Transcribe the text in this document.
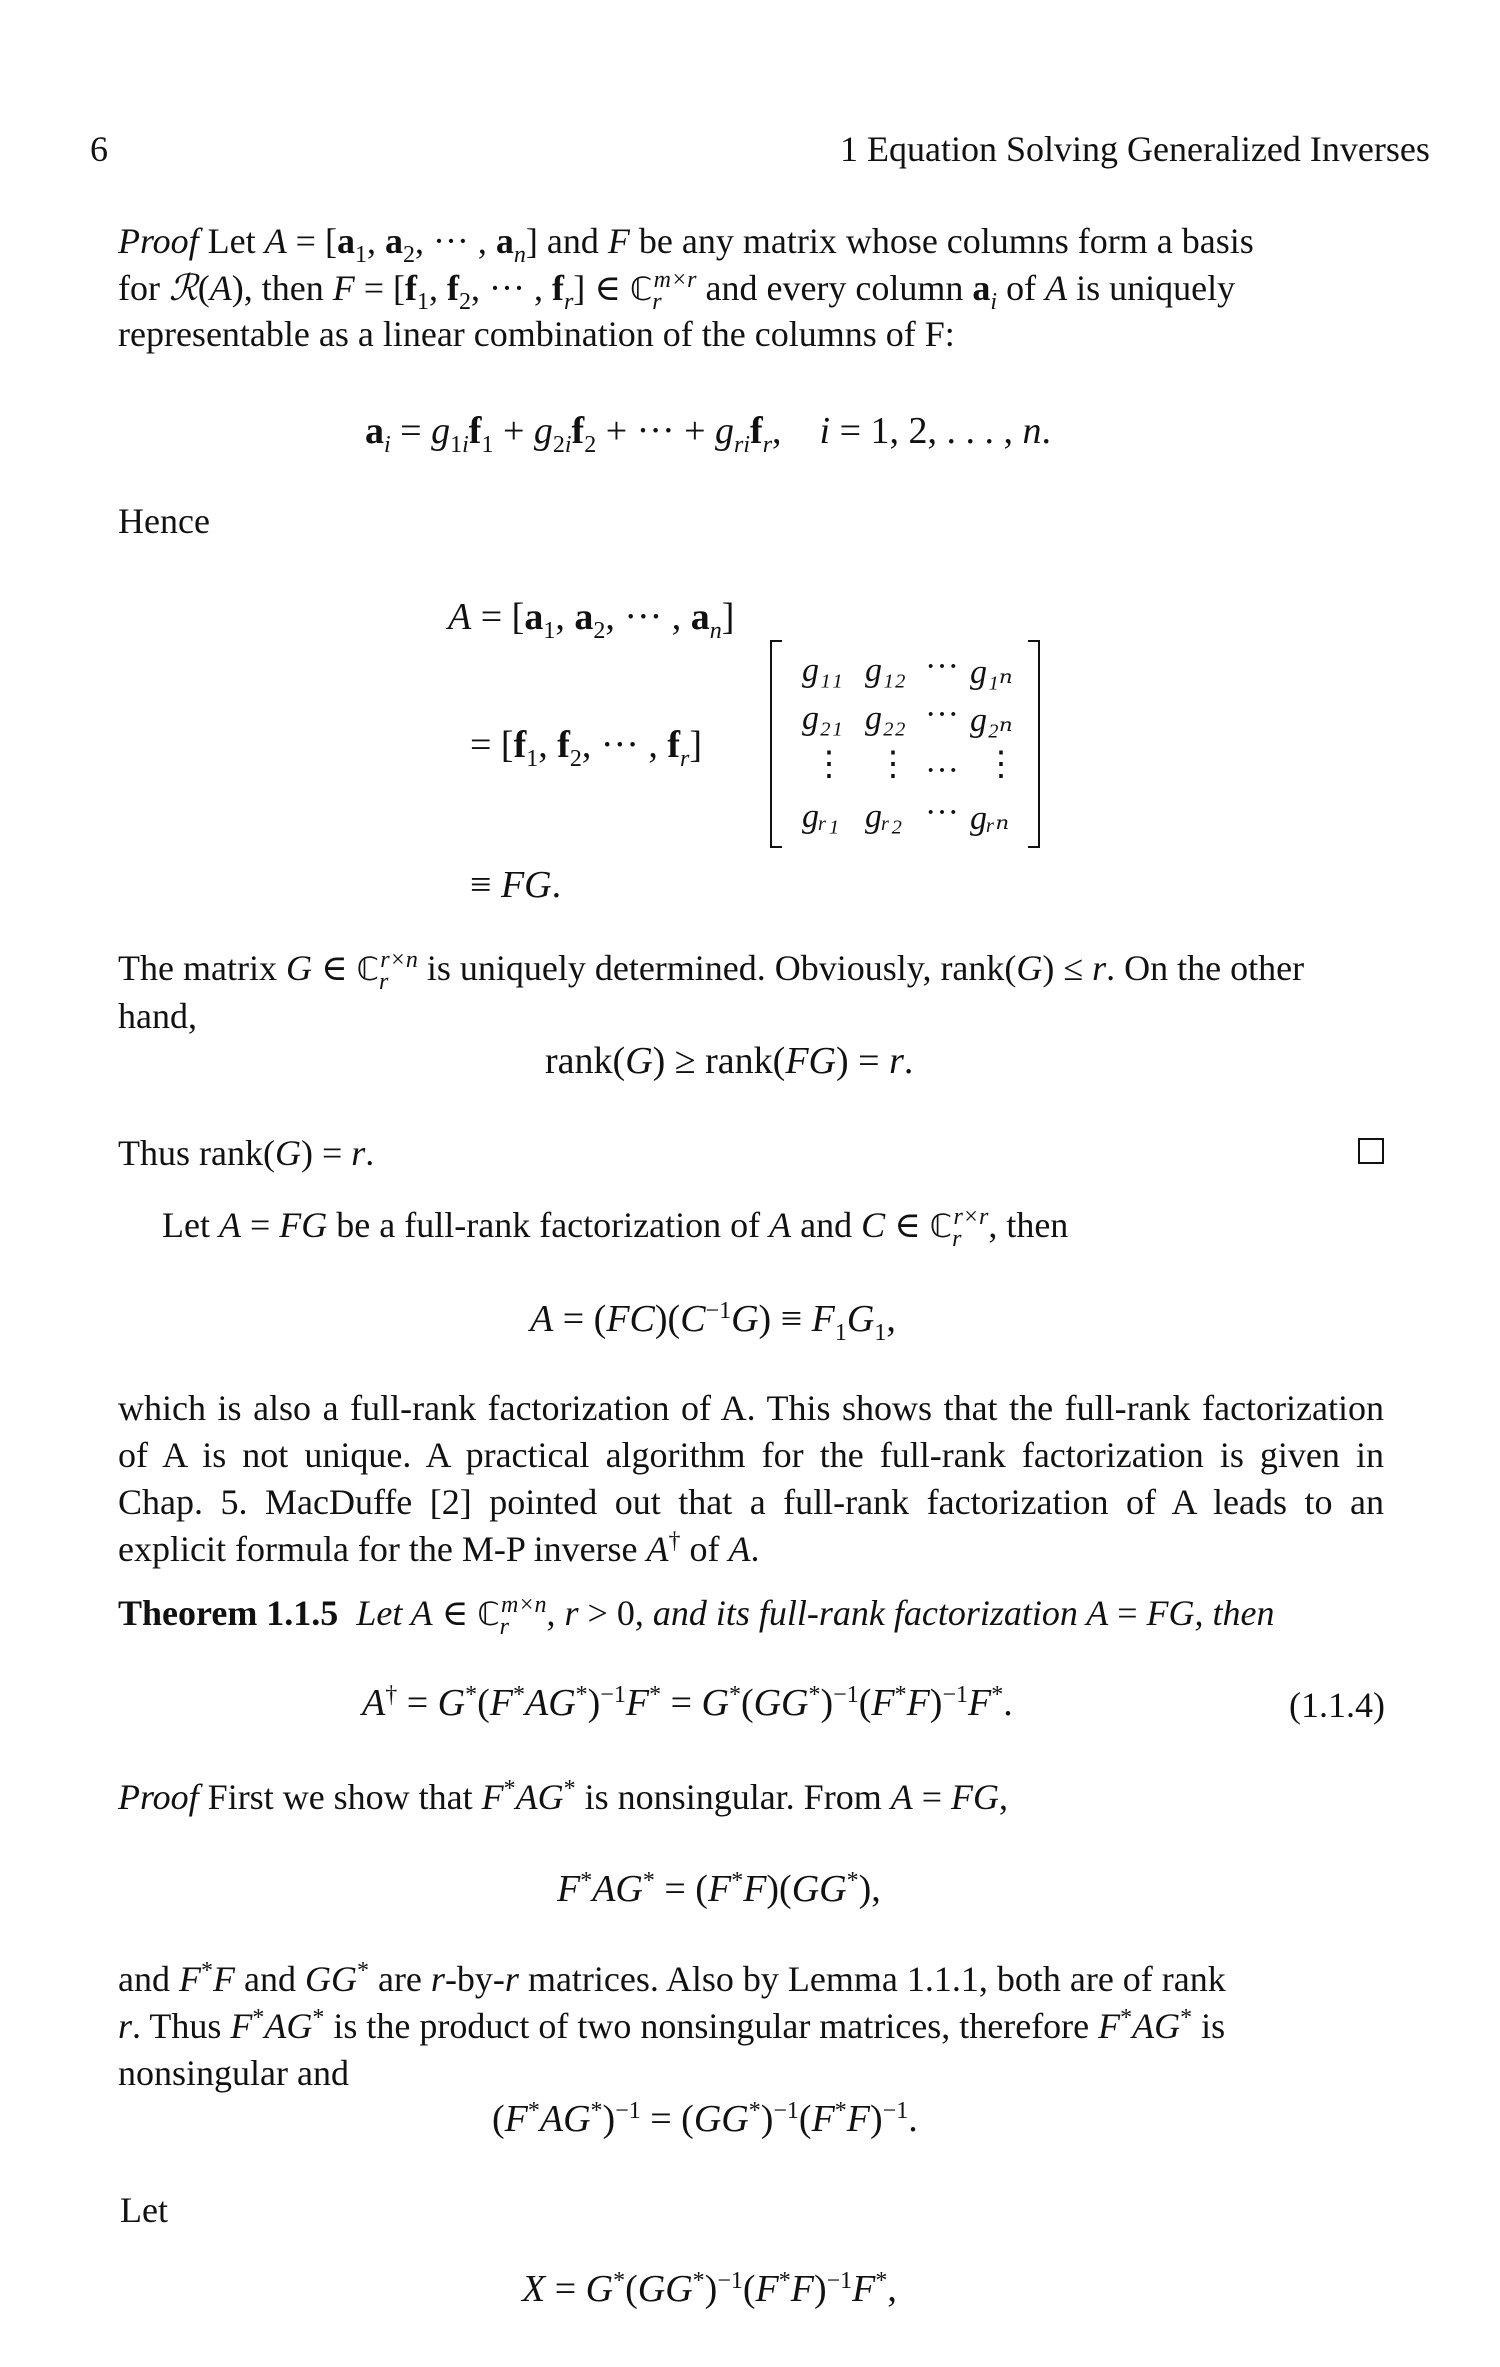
6	1 Equation Solving Generalized Inverses
Proof Let $A = [a_1$, $a_2$, ··· , $a_n$] and F be any matrix whose columns form a basis
for ℛ(A), then $F = [f_1$, $f_2$, ··· , $f_r$] ∈ ℂ$_r^{m\times r}$ and every column $a_i$ of A is uniquely
representable as a linear combination of the columns of F:
$a_i = g_{1i}f_1 + g_{2i}f_2$ + ··· + $g_{ri}f_r$,    i = 1, 2, . . . , n.
Hence
$A = [a_1$, $a_2$, ··· , $a_n$]
= [$f_1$, $f_2$, ··· , $f_r$]
g₁₁ g₁₂ ··· g₁ₙ
g₂₁ g₂₂ ··· g₂ₙ
⋮ ⋮ ··· ⋮
gᵣ₁ gᵣ₂ ··· gᵣₙ
≡ FG.
The matrix G ∈ ℂ$_r^{r\times n}$ is uniquely determined. Obviously, rank(G) ≤ r. On the other
hand,
rank(G) ≥ rank(FG) = r.
Thus rank(G) = r.
Let A = FG be a full-rank factorization of A and C ∈ ℂ$_r^{r\times r}$, then
$A = (FC)(C^{-1}G) \equiv F_1G_1$,
which is also a full-rank factorization of A. This shows that the full-rank factorization
of A is not unique. A practical algorithm for the full-rank factorization is given in
Chap. 5. MacDuffe [2] pointed out that a full-rank factorization of A leads to an
explicit formula for the M-P inverse A† of A.
Theorem 1.1.5 Let A ∈ ℂ$_r^{m\times n}$, r > 0, and its full-rank factorization A = FG, then
$A^\dagger = G^*(F^*AG^*)^{-1}F^* = G^*(GG^*)^{-1}(F^*F)^{-1}F^*$.	(1.1.4)
Proof First we show that F*AG* is nonsingular. From A = FG,
F*AG* = (F*F)(GG*),
and F*F and GG* are r-by-r matrices. Also by Lemma 1.1.1, both are of rank
r. Thus F*AG* is the product of two nonsingular matrices, therefore F*AG* is
nonsingular and
$(F^*AG^*)^{-1} = (GG^*)^{-1}(F^*F)^{-1}$.
Let
$X = G^*(GG^*)^{-1}(F^*F)^{-1}F^*$,
